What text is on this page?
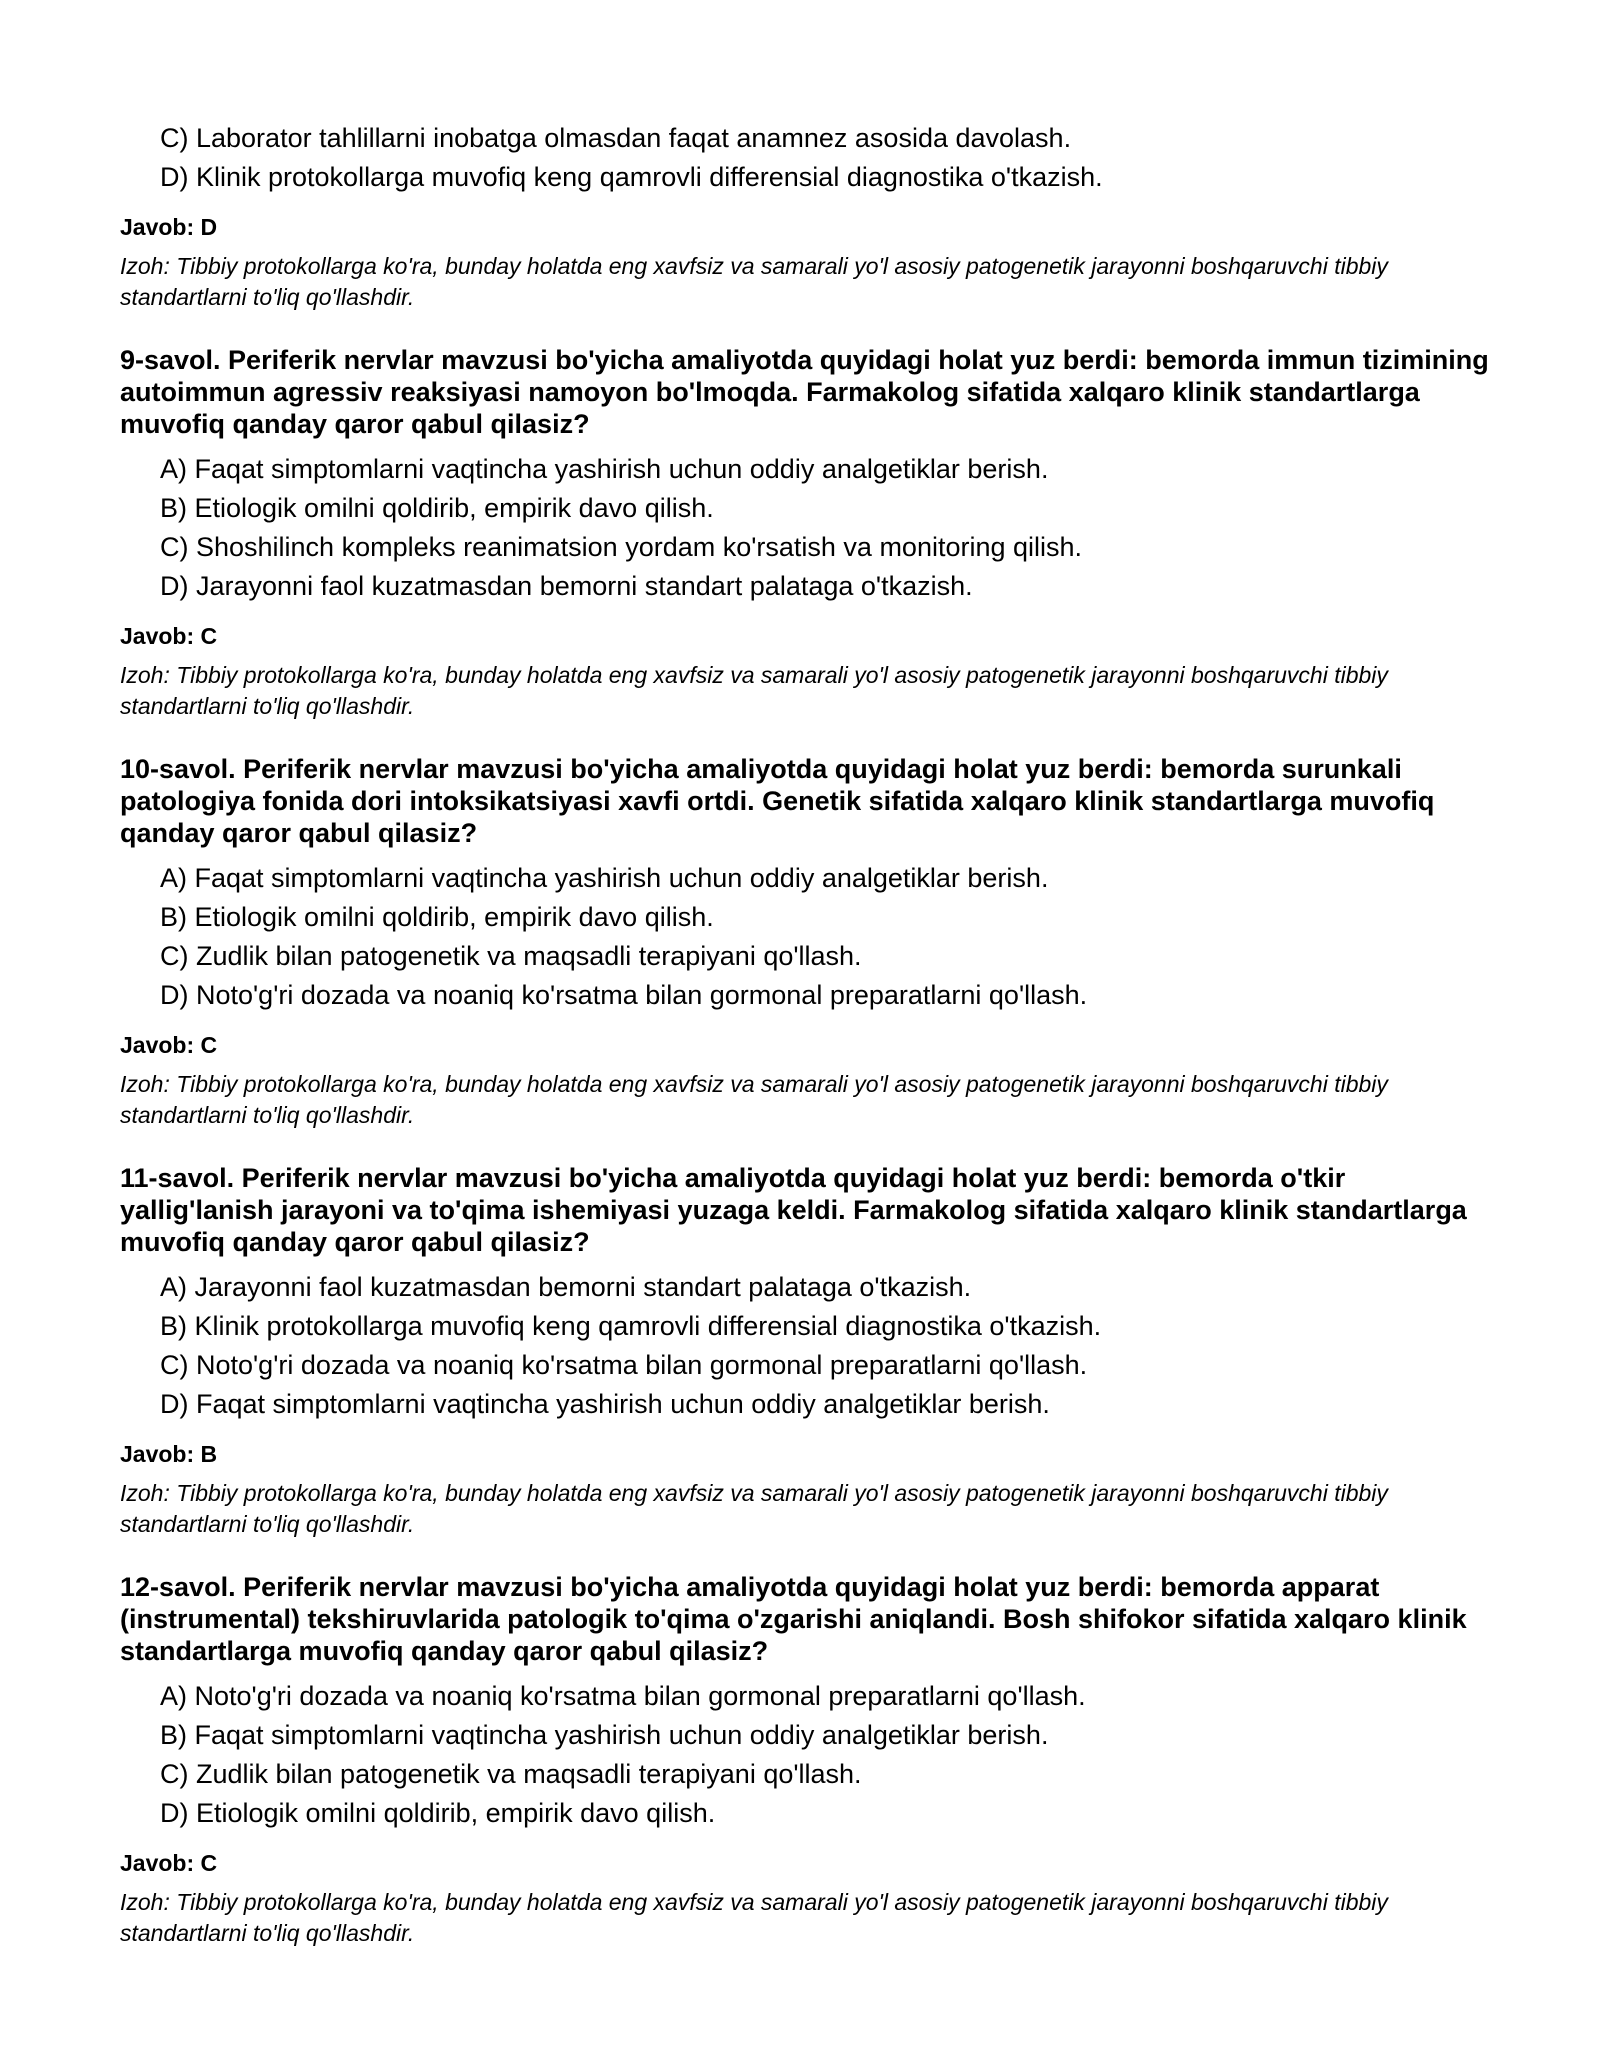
C) Laborator tahlillarni inobatga olmasdan faqat anamnez asosida davolash.

D) Klinik protokollarga muvofiq keng qamrovli differensial diagnostika o'tkazish.

Javob: D

Izoh: Tibbiy protokollarga ko'ra, bunday holatda eng xavfsiz va samarali yo'l asosiy patogenetik jarayonni boshqaruvchi tibbiy standartlarni to'liq qo'llashdir.

9-savol. Periferik nervlar mavzusi bo'yicha amaliyotda quyidagi holat yuz berdi: bemorda immun tizimining autoimmun agressiv reaksiyasi namoyon bo'lmoqda. Farmakolog sifatida xalqaro klinik standartlarga muvofiq qanday qaror qabul qilasiz?

A) Faqat simptomlarni vaqtincha yashirish uchun oddiy analgetiklar berish.

B) Etiologik omilni qoldirib, empirik davo qilish.

C) Shoshilinch kompleks reanimatsion yordam ko'rsatish va monitoring qilish.

D) Jarayonni faol kuzatmasdan bemorni standart palataga o'tkazish.

Javob: C

Izoh: Tibbiy protokollarga ko'ra, bunday holatda eng xavfsiz va samarali yo'l asosiy patogenetik jarayonni boshqaruvchi tibbiy standartlarni to'liq qo'llashdir.

10-savol. Periferik nervlar mavzusi bo'yicha amaliyotda quyidagi holat yuz berdi: bemorda surunkali patologiya fonida dori intoksikatsiyasi xavfi ortdi. Genetik sifatida xalqaro klinik standartlarga muvofiq qanday qaror qabul qilasiz?

A) Faqat simptomlarni vaqtincha yashirish uchun oddiy analgetiklar berish.

B) Etiologik omilni qoldirib, empirik davo qilish.

C) Zudlik bilan patogenetik va maqsadli terapiyani qo'llash.

D) Noto'g'ri dozada va noaniq ko'rsatma bilan gormonal preparatlarni qo'llash.

Javob: C

Izoh: Tibbiy protokollarga ko'ra, bunday holatda eng xavfsiz va samarali yo'l asosiy patogenetik jarayonni boshqaruvchi tibbiy standartlarni to'liq qo'llashdir.

11-savol. Periferik nervlar mavzusi bo'yicha amaliyotda quyidagi holat yuz berdi: bemorda o'tkir yallig'lanish jarayoni va to'qima ishemiyasi yuzaga keldi. Farmakolog sifatida xalqaro klinik standartlarga muvofiq qanday qaror qabul qilasiz?

A) Jarayonni faol kuzatmasdan bemorni standart palataga o'tkazish.

B) Klinik protokollarga muvofiq keng qamrovli differensial diagnostika o'tkazish.

C) Noto'g'ri dozada va noaniq ko'rsatma bilan gormonal preparatlarni qo'llash.

D) Faqat simptomlarni vaqtincha yashirish uchun oddiy analgetiklar berish.

Javob: B

Izoh: Tibbiy protokollarga ko'ra, bunday holatda eng xavfsiz va samarali yo'l asosiy patogenetik jarayonni boshqaruvchi tibbiy standartlarni to'liq qo'llashdir.

12-savol. Periferik nervlar mavzusi bo'yicha amaliyotda quyidagi holat yuz berdi: bemorda apparat (instrumental) tekshiruvlarida patologik to'qima o'zgarishi aniqlandi. Bosh shifokor sifatida xalqaro klinik standartlarga muvofiq qanday qaror qabul qilasiz?

A) Noto'g'ri dozada va noaniq ko'rsatma bilan gormonal preparatlarni qo'llash.

B) Faqat simptomlarni vaqtincha yashirish uchun oddiy analgetiklar berish.

C) Zudlik bilan patogenetik va maqsadli terapiyani qo'llash.

D) Etiologik omilni qoldirib, empirik davo qilish.

Javob: C

Izoh: Tibbiy protokollarga ko'ra, bunday holatda eng xavfsiz va samarali yo'l asosiy patogenetik jarayonni boshqaruvchi tibbiy standartlarni to'liq qo'llashdir.
